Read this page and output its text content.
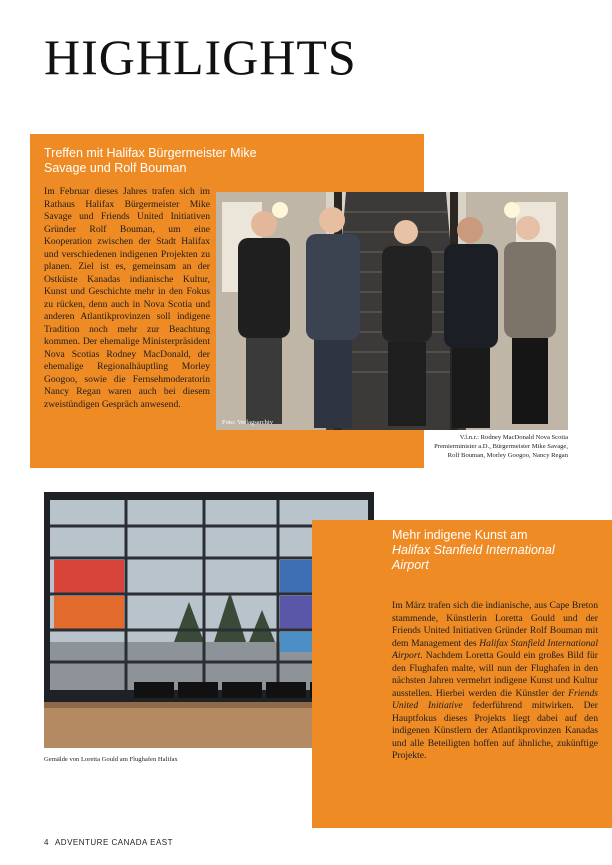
HIGHLIGHTS
Treffen mit Halifax Bürgermeister Mike Savage und Rolf Bouman
Im Februar dieses Jahres trafen sich im Rathaus Halifax Bürgermeister Mike Savage und Friends United Initiativen Gründer Rolf Bouman, um eine Kooperation zwischen der Stadt Halifax und verschiedenen indigenen Projekten zu planen. Ziel ist es, gemeinsam an der Ostküste Kanadas indianische Kultur, Kunst und Geschichte mehr in den Fokus zu rücken, denn auch in Nova Scotia und anderen Atlantikprovinzen soll indigene Tradition noch mehr zur Beachtung kommen. Der ehemalige Ministerpräsident Nova Scotias Rodney MacDonald, der ehemalige Regionalhäuptling Morley Googoo, sowie die Fernsehmoderatorin Nancy Regan waren auch bei diesem zweistündigen Gespräch anwesend.
Foto: Verlagsarchiv
V.l.n.r.: Rodney MacDonald Nova Scotia Premierminister a.D., Bürgermeister Mike Savage, Rolf Bouman, Morley Googoo, Nancy Regan
Gemälde von Loretta Gould am Flughafen Halifax
Mehr indigene Kunst am
Halifax Stanfield International Airport
Im März trafen sich die indianische, aus Cape Breton stammende, Künstlerin Loretta Gould und der Friends United Initiativen Gründer Rolf Bouman mit dem Management des Halifax Stanfield International Airport. Nachdem Loretta Gould ein großes Bild für den Flughafen malte, will nun der Flughafen in den nächsten Jahren vermehrt indigene Kunst und Kultur ausstellen. Hierbei werden die Künstler der Friends United Initiative federführend mitwirken. Der Hauptfokus dieses Projekts liegt dabei auf den indigenen Künstlern der Atlantikprovinzen Kanadas und alle Beteiligten hoffen auf ähnliche, zukünftige Projekte.
4 ADVENTURE CANADA EAST
